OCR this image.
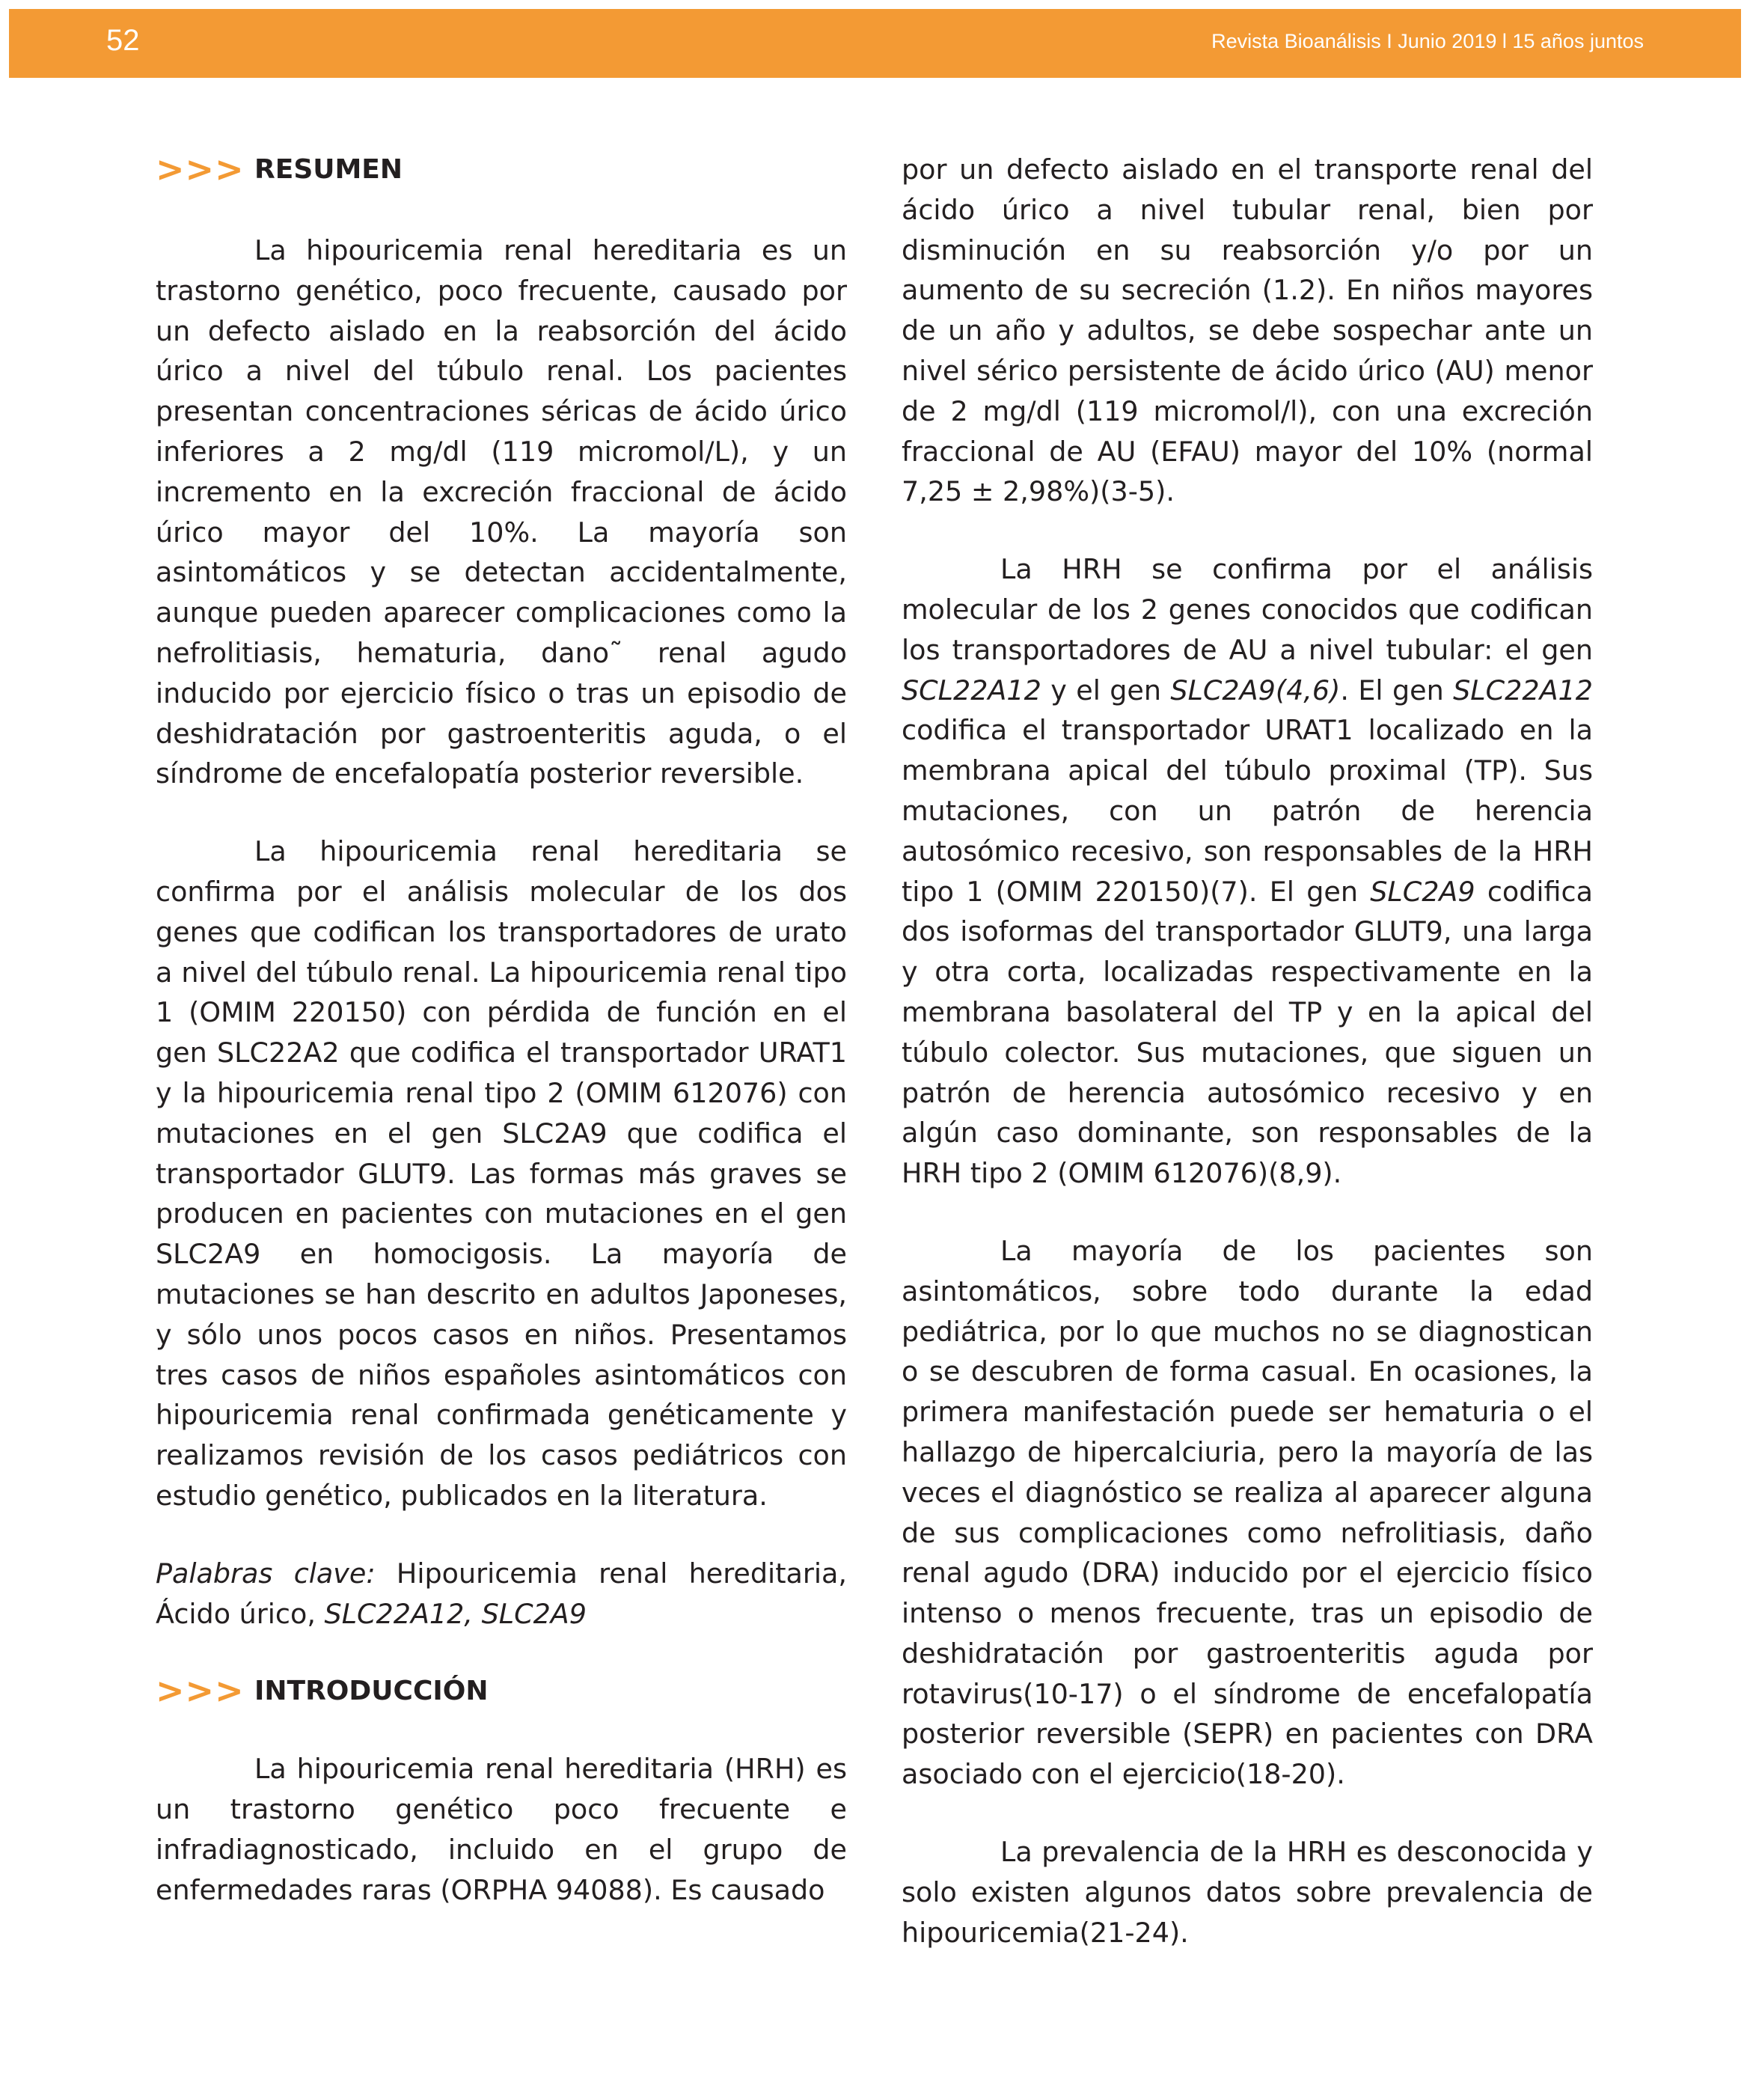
52	Revista Bioanálisis I Junio 2019 l 15 años juntos
>>> RESUMEN

La hipouricemia renal hereditaria es un trastorno genético, poco frecuente, causado por un defecto aislado en la reabsorción del ácido úrico a nivel del túbulo renal. Los pacientes presentan concentraciones séricas de ácido úrico inferiores a 2 mg/dl (119 micromol/L), y un incremento en la excreción fraccional de ácido úrico mayor del 10%. La mayoría son asintomáticos y se detectan accidentalmente, aunque pueden aparecer complicaciones como la nefrolitiasis, hematuria, dano˜ renal agudo inducido por ejercicio físico o tras un episodio de deshidratación por gastroenteritis aguda, o el síndrome de encefalopatía posterior reversible.

La hipouricemia renal hereditaria se confirma por el análisis molecular de los dos genes que codifican los transportadores de urato a nivel del túbulo renal. La hipouricemia renal tipo 1 (OMIM 220150) con pérdida de función en el gen SLC22A2 que codifica el transportador URAT1 y la hipouricemia renal tipo 2 (OMIM 612076) con mutaciones en el gen SLC2A9 que codifica el transportador GLUT9. Las formas más graves se producen en pacientes con mutaciones en el gen SLC2A9 en homocigosis. La mayoría de mutaciones se han descrito en adultos Japoneses, y sólo unos pocos casos en niños. Presentamos tres casos de niños españoles asintomáticos con hipouricemia renal confirmada genéticamente y realizamos revisión de los casos pediátricos con estudio genético, publicados en la literatura.

Palabras clave: Hipouricemia renal hereditaria, Ácido úrico, SLC22A12, SLC2A9

>>> INTRODUCCIÓN

La hipouricemia renal hereditaria (HRH) es un trastorno genético poco frecuente e infradiagnosticado, incluido en el grupo de enfermedades raras (ORPHA 94088). Es causado

por un defecto aislado en el transporte renal del ácido úrico a nivel tubular renal, bien por disminución en su reabsorción y/o por un aumento de su secreción (1.2). En niños mayores de un año y adultos, se debe sospechar ante un nivel sérico persistente de ácido úrico (AU) menor de 2 mg/dl (119 micromol/l), con una excreción fraccional de AU (EFAU) mayor del 10% (normal 7,25 ± 2,98%)(3-5).

La HRH se confirma por el análisis molecular de los 2 genes conocidos que codifican los transportadores de AU a nivel tubular: el gen SCL22A12 y el gen SLC2A9(4,6). El gen SLC22A12 codifica el transportador URAT1 localizado en la membrana apical del túbulo proximal (TP). Sus mutaciones, con un patrón de herencia autosómico recesivo, son responsables de la HRH tipo 1 (OMIM 220150)(7). El gen SLC2A9 codifica dos isoformas del transportador GLUT9, una larga y otra corta, localizadas respectivamente en la membrana basolateral del TP y en la apical del túbulo colector. Sus mutaciones, que siguen un patrón de herencia autosómico recesivo y en algún caso dominante, son responsables de la HRH tipo 2 (OMIM 612076)(8,9).

La mayoría de los pacientes son asintomáticos, sobre todo durante la edad pediátrica, por lo que muchos no se diagnostican o se descubren de forma casual. En ocasiones, la primera manifestación puede ser hematuria o el hallazgo de hipercalciuria, pero la mayoría de las veces el diagnóstico se realiza al aparecer alguna de sus complicaciones como nefrolitiasis, daño renal agudo (DRA) inducido por el ejercicio físico intenso o menos frecuente, tras un episodio de deshidratación por gastroenteritis aguda por rotavirus(10-17) o el síndrome de encefalopatía posterior reversible (SEPR) en pacientes con DRA asociado con el ejercicio(18-20).

La prevalencia de la HRH es desconocida y solo existen algunos datos sobre prevalencia de hipouricemia(21-24).
